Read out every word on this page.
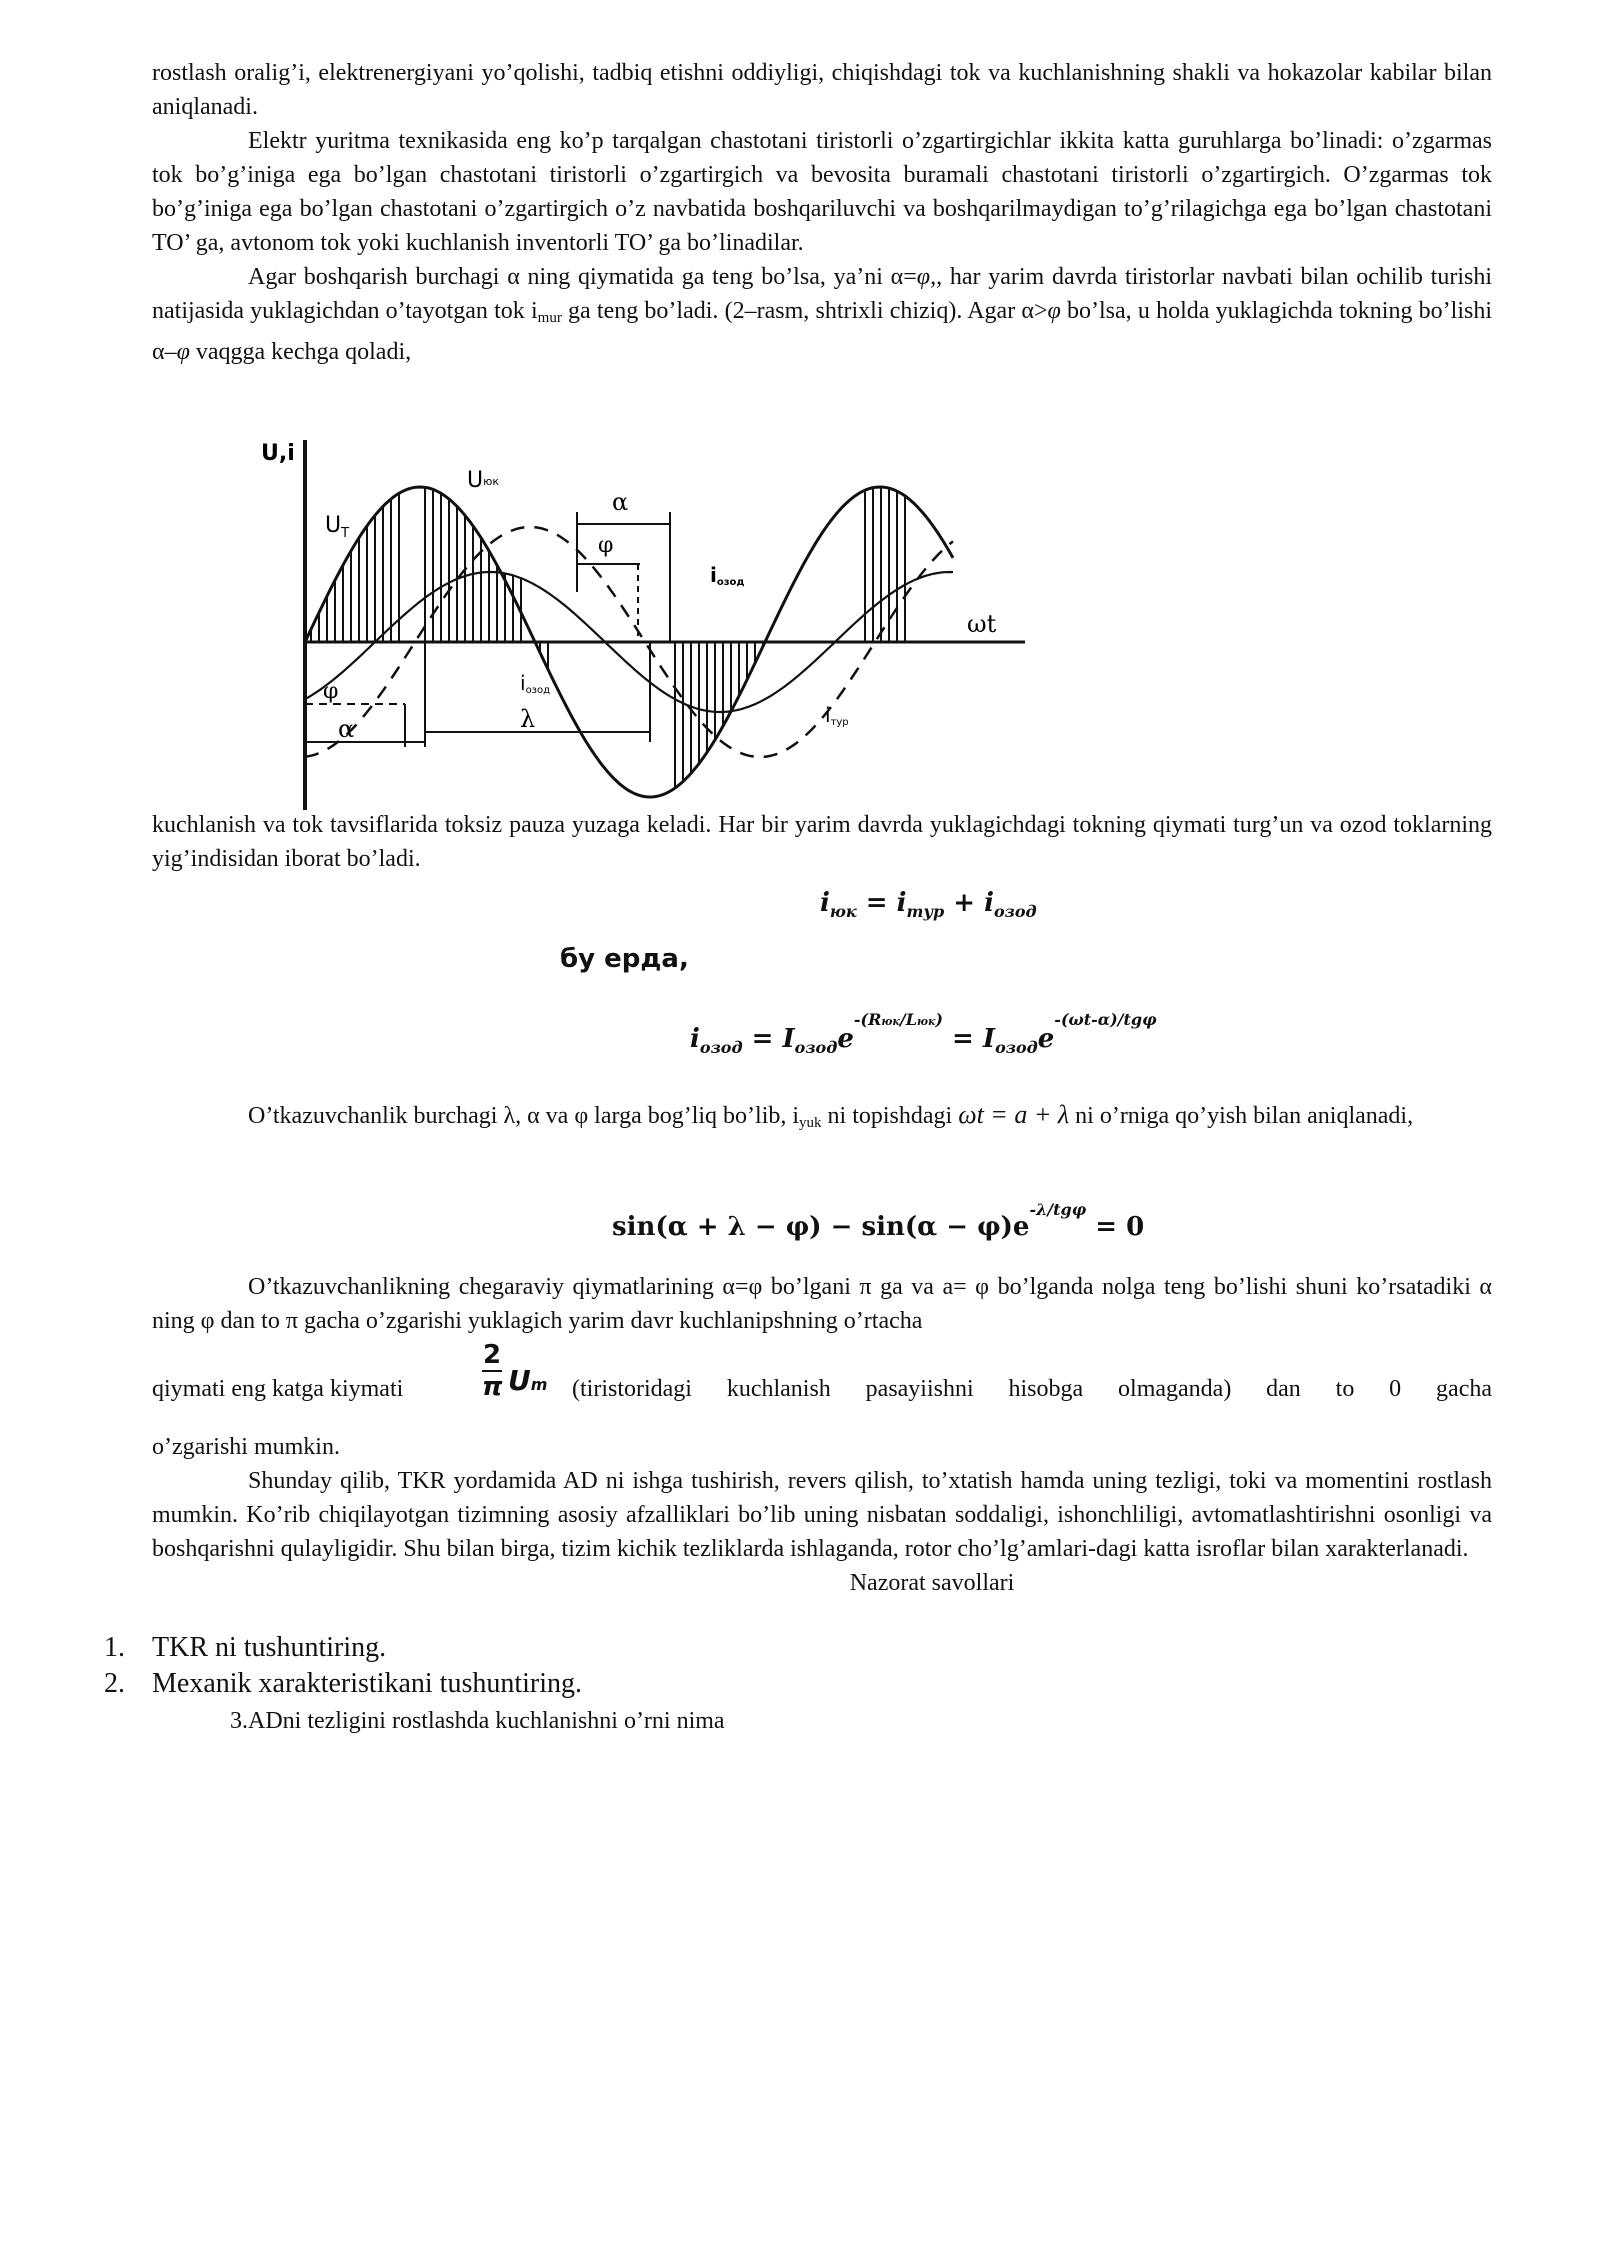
rostlash oralig’i, elektrenergiyani yo’qolishi, tadbiq etishni oddiyligi, chiqishdagi tok va kuchlanishning shakli va hokazolar kabilar bilan aniqlanadi.

Elektr yuritma texnikasida eng ko’p tarqalgan chastotani tiristorli o’zgartirgichlar ikkita katta guruhlarga bo’linadi: o’zgarmas tok bo’g’iniga ega bo’lgan chastotani tiristorli o’zgartirgich va bevosita buramali chastotani tiristorli o’zgartirgich. O’zgarmas tok bo’g’iniga ega bo’lgan chastotani o’zgartirgich o’z navbatida boshqariluvchi va boshqarilmaydigan to’g’rilagichga ega bo’lgan chastotani TO’ ga, avtonom tok yoki kuchlanish inventorli TO’ ga bo’linadilar.

Agar boshqarish burchagi α ning qiymatida ga teng bo’lsa, ya’ni α=φ,, har yarim davrda tiristorlar navbati bilan ochilib turishi natijasida yuklagichdan o’tayotgan tok $i_{mur}$ ga teng bo’ladi. (2–rasm, shtrixli chiziq). Agar α>φ bo’lsa, u holda yuklagichda tokning bo’lishi α–φ vaqgga kechga qoladi,

U,i
$U_T$
Uюк
α
φ
iозод
ωt
iозод
iтур
φ
α	λ

kuchlanish va tok tavsiflarida toksiz pauza yuzaga keladi. Har bir yarim davrda yuklagichdagi tokning qiymati turg’un va ozod toklarning yig’indisidan iborat bo’ladi.

$i_{юк} = i_{тур} + i_{озод}$
бу ерда,
$i_{озод} = I_{озод}e^{-(Rюк/Lюк)} = I_{озод}e^{-(\omega t-\alpha)/tg\varphi}$

O’tkazuvchanlik burchagi λ, α va φ larga bog’liq bo’lib, $i_{yuk}$ ni topishdagi ωt = a + λ ni o’rniga qo’yish bilan aniqlanadi,

$\sin(\alpha + \lambda - \varphi) - \sin(\alpha - \varphi)e^{-\lambda/tg\varphi} = 0$

O’tkazuvchanlikning chegaraviy qiymatlarining α=φ bo’lgani π ga va a= φ bo’lganda nolga teng bo’lishi shuni ko’rsatadiki α ning φ dan to π gacha o’zgarishi yuklagich yarim davr kuchlanipshning o’rtacha

qiymati eng katga kiymati
2
π Um (tiristoridagi kuchlanish pasayiishni hisobga olmaganda) dan to 0 gacha

o’zgarishi mumkin.

Shunday qilib, TKR yordamida AD ni ishga tushirish, revers qilish, to’xtatish hamda uning tezligi, toki va momentini rostlash mumkin. Ko’rib chiqilayotgan tizimning asosiy afzalliklari bo’lib uning nisbatan soddaligi, ishonchliligi, avtomatlashtirishni osonligi va boshqarishni qulayligidir. Shu bilan birga, tizim kichik tezliklarda ishlaganda, rotor cho’lg’amlari-dagi katta isroflar bilan xarakterlanadi.

Nazorat savollari

1. TKR ni tushuntiring.
2. Mexanik xarakteristikani tushuntiring.
3.ADni tezligini rostlashda kuchlanishni o’rni nima
